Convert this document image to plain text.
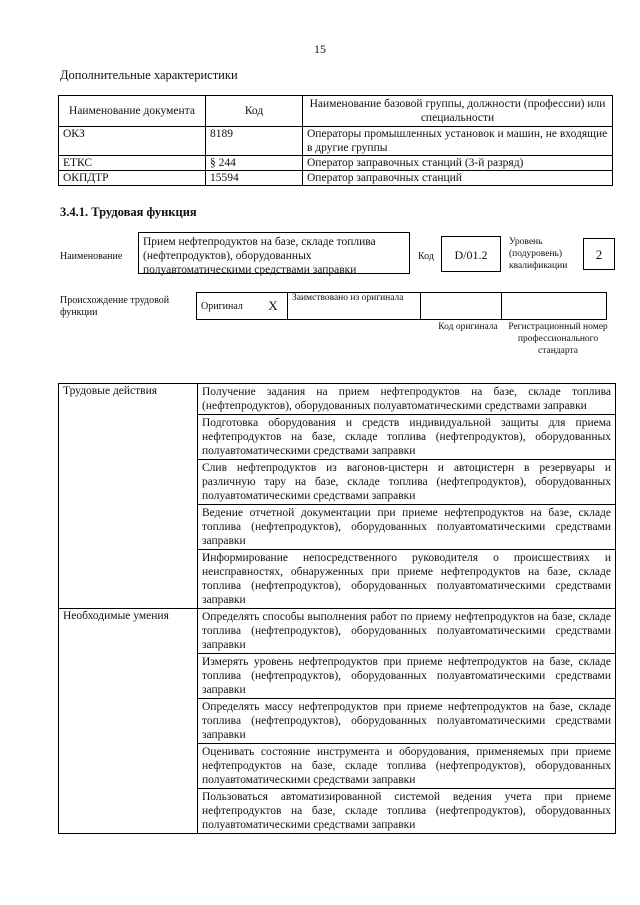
15
Дополнительные характеристики
Наименование документа	Код	Наименование базовой группы, должности (профессии) или специальности
ОКЗ	8189	Операторы промышленных установок и машин, не входящие в другие группы
ЕТКС	§ 244	Оператор заправочных станций (3-й разряд)
ОКПДТР	15594	Оператор заправочных станций
3.4.1. Трудовая функция
Наименование
Прием нефтепродуктов на базе, складе топлива (нефтепродуктов), оборудованных полуавтоматическими средствами заправки
Код	D/01.2
Уровень (подуровень) квалификации
2
Происхождение трудовой функции
Оригинал	X	Заимствовано из оригинала		
Код оригинала	Регистрационный номер профессионального стандарта
Трудовые действия	Получение задания на прием нефтепродуктов на базе, складе топлива (нефтепродуктов), оборудованных полуавтоматическими средствами заправки
	Подготовка оборудования и средств индивидуальной защиты для приема нефтепродуктов на базе, складе топлива (нефтепродуктов), оборудованных полуавтоматическими средствами заправки
	Слив нефтепродуктов из вагонов-цистерн и автоцистерн в резервуары и различную тару на базе, складе топлива (нефтепродуктов), оборудованных полуавтоматическими средствами заправки
	Ведение отчетной документации при приеме нефтепродуктов на базе, складе топлива (нефтепродуктов), оборудованных полуавтоматическими средствами заправки
	Информирование непосредственного руководителя о происшествиях и неисправностях, обнаруженных при приеме нефтепродуктов на базе, складе топлива (нефтепродуктов), оборудованных полуавтоматическими средствами заправки
Необходимые умения	Определять способы выполнения работ по приему нефтепродуктов на базе, складе топлива (нефтепродуктов), оборудованных полуавтоматическими средствами заправки
	Измерять уровень нефтепродуктов при приеме нефтепродуктов на базе, складе топлива (нефтепродуктов), оборудованных полуавтоматическими средствами заправки
	Определять массу нефтепродуктов при приеме нефтепродуктов на базе, складе топлива (нефтепродуктов), оборудованных полуавтоматическими средствами заправки
	Оценивать состояние инструмента и оборудования, применяемых при приеме нефтепродуктов на базе, складе топлива (нефтепродуктов), оборудованных полуавтоматическими средствами заправки
	Пользоваться автоматизированной системой ведения учета при приеме нефтепродуктов на базе, складе топлива (нефтепродуктов), оборудованных полуавтоматическими средствами заправки
